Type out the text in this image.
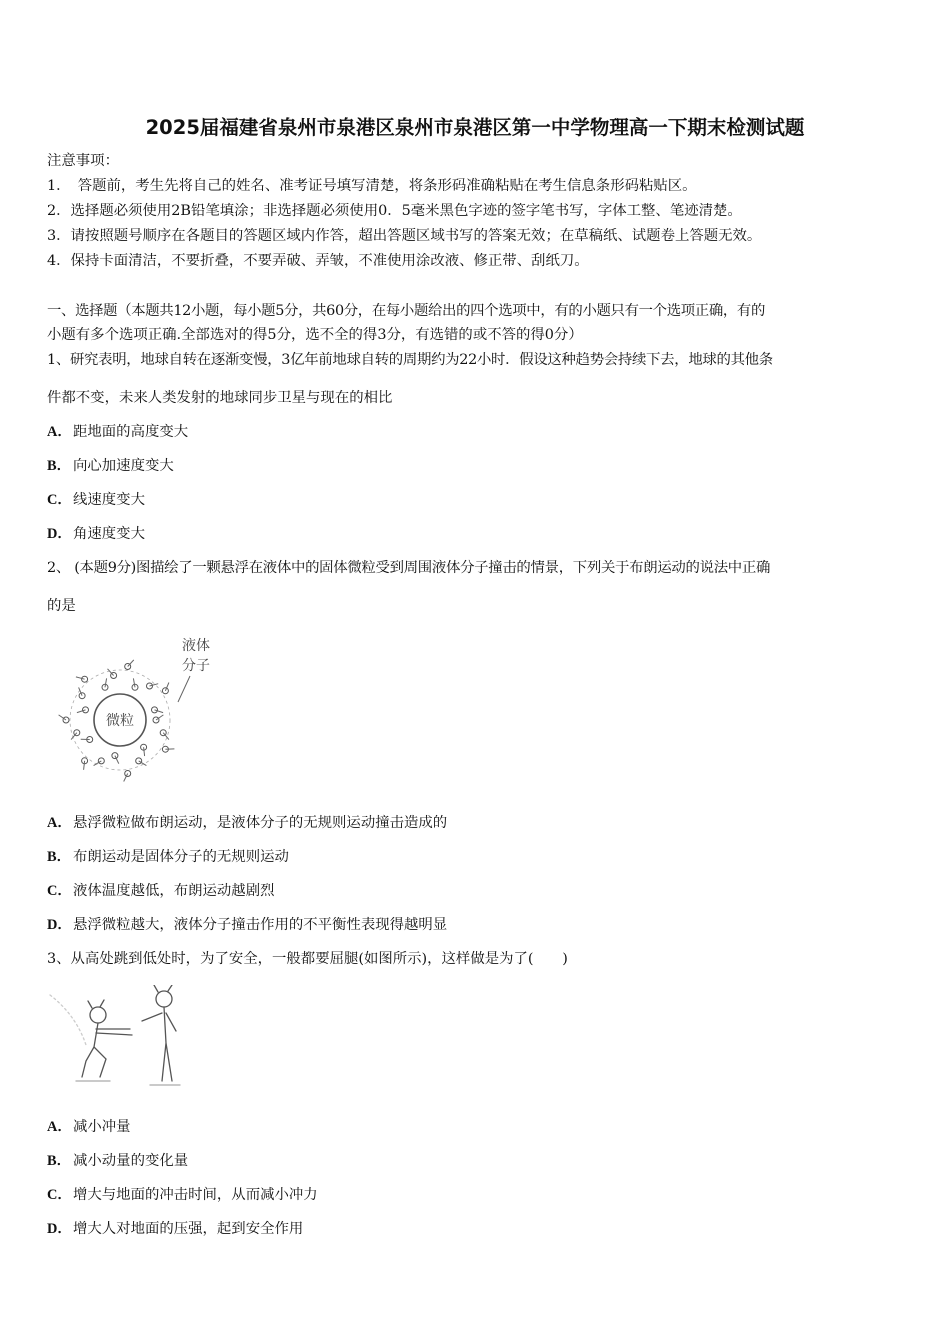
2025届福建省泉州市泉港区泉州市泉港区第一中学物理高一下期末检测试题
注意事项：
1．　答题前，考生先将自己的姓名、准考证号填写清楚，将条形码准确粘贴在考生信息条形码粘贴区。
2．选择题必须使用2B铅笔填涂；非选择题必须使用0．5毫米黑色字迹的签字笔书写，字体工整、笔迹清楚。
3．请按照题号顺序在各题目的答题区域内作答，超出答题区域书写的答案无效；在草稿纸、试题卷上答题无效。
4．保持卡面清洁，不要折叠，不要弄破、弄皱，不准使用涂改液、修正带、刮纸刀。
一、选择题（本题共12小题，每小题5分，共60分，在每小题给出的四个选项中，有的小题只有一个选项正确，有的
小题有多个选项正确.全部选对的得5分，选不全的得3分，有选错的或不答的得0分）
1、研究表明，地球自转在逐渐变慢，3亿年前地球自转的周期约为22小时．假设这种趋势会持续下去，地球的其他条
件都不变，未来人类发射的地球同步卫星与现在的相比
A．距地面的高度变大
B． 向心加速度变大
C．线速度变大
D．角速度变大
2、 (本题9分)图描绘了一颗悬浮在液体中的固体微粒受到周围液体分子撞击的情景，下列关于布朗运动的说法中正确
的是
微粒
液体
分子
A．悬浮微粒做布朗运动，是液体分子的无规则运动撞击造成的
B． 布朗运动是固体分子的无规则运动
C．液体温度越低，布朗运动越剧烈
D．悬浮微粒越大，液体分子撞击作用的不平衡性表现得越明显
3、从高处跳到低处时，为了安全，一般都要屈腿(如图所示)，这样做是为了(　　)
A．减小冲量
B． 减小动量的变化量
C．增大与地面的冲击时间，从而减小冲力
D．增大人对地面的压强，起到安全作用
